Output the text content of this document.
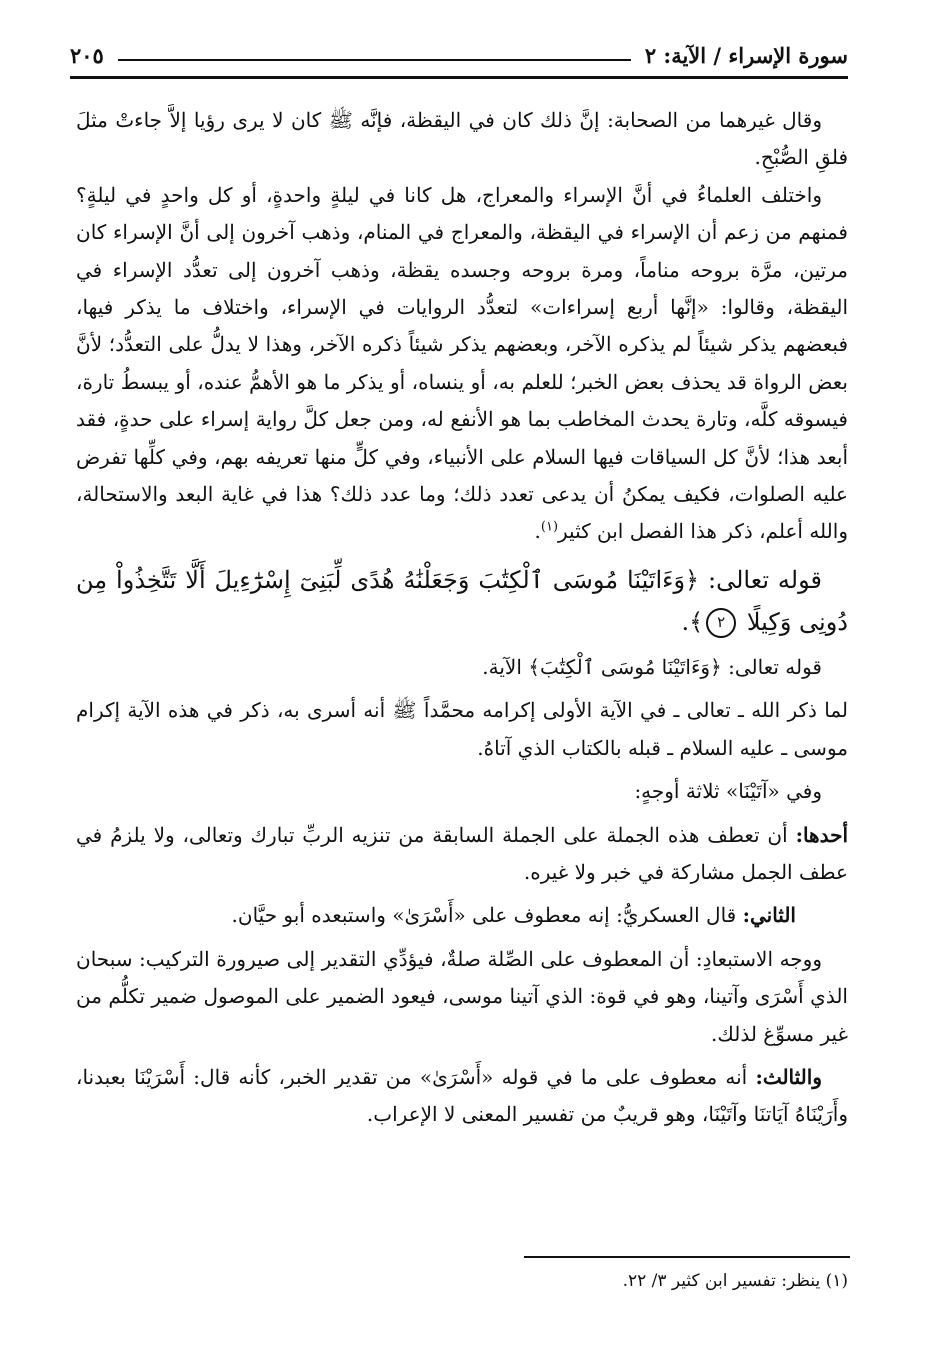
سورة الإسراء / الآية: ٢
٢٠٥

وقال غيرهما من الصحابة: إنَّ ذلك كان في اليقظة، فإنَّه ﷺ كان لا يرى رؤيا إلاَّ جاءتْ مثلَ فلقِ الصُّبْحِ.

واختلف العلماءُ في أنَّ الإسراء والمعراج، هل كانا في ليلةٍ واحدةٍ، أو كل واحدٍ في ليلةٍ؟ فمنهم من زعم أن الإسراء في اليقظة، والمعراج في المنام، وذهب آخرون إلى أنَّ الإسراء كان مرتين، مرَّة بروحه مناماً، ومرة بروحه وجسده يقظة، وذهب آخرون إلى تعدُّد الإسراء في اليقظة، وقالوا: «إنَّها أربع إسراءات» لتعدُّد الروايات في الإسراء، واختلاف ما يذكر فيها، فبعضهم يذكر شيئاً لم يذكره الآخر، وبعضهم يذكر شيئاً ذكره الآخر، وهذا لا يدلُّ على التعدُّد؛ لأنَّ بعض الرواة قد يحذف بعض الخبر؛ للعلم به، أو ينساه، أو يذكر ما هو الأهمُّ عنده، أو يبسطُ تارة، فيسوقه كلَّه، وتارة يحدث المخاطب بما هو الأنفع له، ومن جعل كلَّ رواية إسراء على حدةٍ، فقد أبعد هذا؛ لأنَّ كل السياقات فيها السلام على الأنبياء، وفي كلٍّ منها تعريفه بهم، وفي كلِّها تفرض عليه الصلوات، فكيف يمكنُ أن يدعى تعدد ذلك؛ وما عدد ذلك؟ هذا في غاية البعد والاستحالة، والله أعلم، ذكر هذا الفصل ابن كثير$^{(١)}$.

قوله تعالى: ﴿وَءَاتَيْنَا مُوسَى ٱلْكِتَٰبَ وَجَعَلْنَٰهُ هُدًى لِّبَنِىٓ إِسْرَٰٓءِيلَ أَلَّا تَتَّخِذُواْ مِن دُونِى وَكِيلًا ٢﴾.

قوله تعالى: ﴿وَءَاتَيْنَا مُوسَى ٱلْكِتَٰبَ﴾ الآية.

لما ذكر الله ـ تعالى ـ في الآية الأولى إكرامه محمَّداً ﷺ أنه أسرى به، ذكر في هذه الآية إكرام موسى ـ عليه السلام ـ قبله بالكتاب الذي آتاهُ.

وفي «آتَيْنَا» ثلاثة أوجهٍ:

أحدها: أن تعطف هذه الجملة على الجملة السابقة من تنزيه الربِّ تبارك وتعالى، ولا يلزمُ في عطف الجمل مشاركة في خبر ولا غيره.

الثاني: قال العسكريُّ: إنه معطوف على «أَسْرَىٰ» واستبعده أبو حيَّان.

ووجه الاستبعادِ: أن المعطوف على الصِّلة صلةٌ، فيؤدِّي التقدير إلى صيرورة التركيب: سبحان الذي أَسْرَى وآتينا، وهو في قوة: الذي آتينا موسى، فيعود الضمير على الموصول ضمير تكلُّم من غير مسوِّغ لذلك.

والثالث: أنه معطوف على ما في قوله «أَسْرَىٰ» من تقدير الخبر، كأنه قال: أَسْرَيْنَا بعبدنا، وأَرَيْنَاهُ آيَاتنَا وآتَيْنَا، وهو قريبٌ من تفسير المعنى لا الإعراب.

(١) ينظر: تفسير ابن كثير ٣/ ٢٢.
